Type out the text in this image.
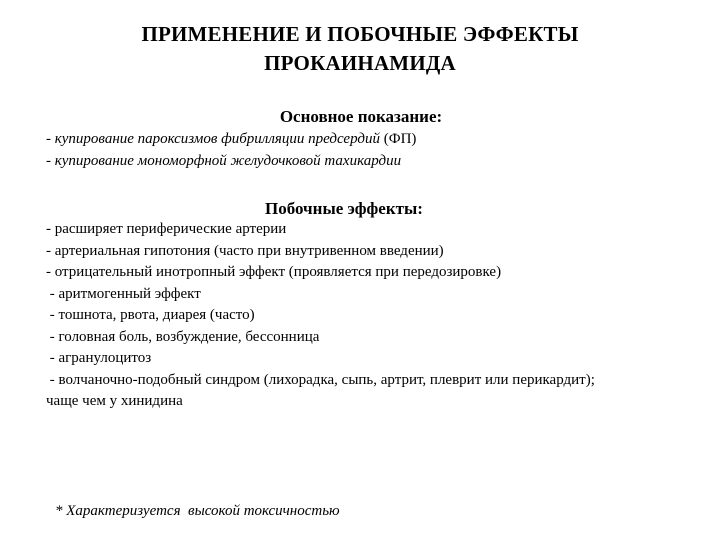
ПРИМЕНЕНИЕ И ПОБОЧНЫЕ ЭФФЕКТЫ
ПРОКАИНАМИДА
Основное показание:
- купирование пароксизмов фибрилляции предсердий (ФП)
- купирование мономорфной желудочковой тахикардии
Побочные эффекты:
- расширяет периферические артерии
- артериальная гипотония (часто при внутривенном введении)
- отрицательный инотропный эффект (проявляется при передозировке)
- аритмогенный эффект
- тошнота, рвота, диарея (часто)
- головная боль, возбуждение, бессонница
- агранулоцитоз
- волчаночно-подобный синдром (лихорадка, сыпь, артрит, плеврит или перикардит); чаще чем у хинидина
* Характеризуется  высокой токсичностью
